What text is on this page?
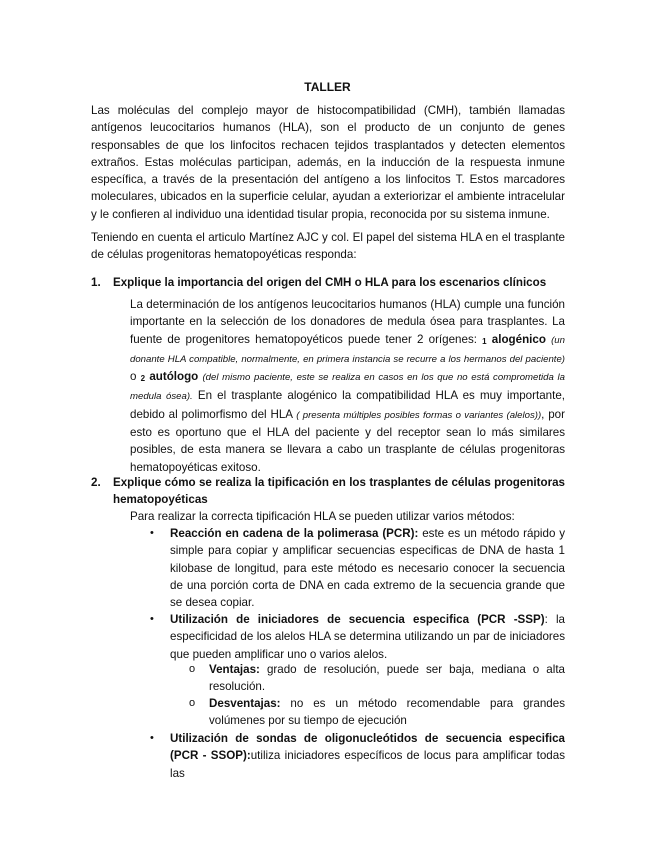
TALLER
Las moléculas del complejo mayor de histocompatibilidad (CMH), también llamadas antígenos leucocitarios humanos (HLA), son el producto de un conjunto de genes responsables de que los linfocitos rechacen tejidos trasplantados y detecten elementos extraños. Estas moléculas participan, además, en la inducción de la respuesta inmune específica, a través de la presentación del antígeno a los linfocitos T. Estos marcadores moleculares, ubicados en la superficie celular, ayudan a exteriorizar el ambiente intracelular y le confieren al individuo una identidad tisular propia, reconocida por su sistema inmune.
Teniendo en cuenta el articulo Martínez AJC y col. El papel del sistema HLA en el trasplante de células progenitoras hematopoyéticas responda:
1. Explique la importancia del origen del CMH o HLA para los escenarios clínicos
La determinación de los antígenos leucocitarios humanos (HLA) cumple una función importante en la selección de los donadores de medula ósea para trasplantes. La fuente de progenitores hematopoyéticos puede tener 2 orígenes: 1 alogénico (un donante HLA compatible, normalmente, en primera instancia se recurre a los hermanos del paciente) o 2 autólogo (del mismo paciente, este se realiza en casos en los que no está comprometida la medula ósea). En el trasplante alogénico la compatibilidad HLA es muy importante, debido al polimorfismo del HLA ( presenta múltiples posibles formas o variantes (alelos)), por esto es oportuno que el HLA del paciente y del receptor sean lo más similares posibles, de esta manera se llevara a cabo un trasplante de células progenitoras hematopoyéticas exitoso.
2. Explique cómo se realiza la tipificación en los trasplantes de células progenitoras hematopoyéticas
Para realizar la correcta tipificación HLA se pueden utilizar varios métodos:
• Reacción en cadena de la polimerasa (PCR): este es un método rápido y simple para copiar y amplificar secuencias especificas de DNA de hasta 1 kilobase de longitud, para este método es necesario conocer la secuencia de una porción corta de DNA en cada extremo de la secuencia grande que se desea copiar.
• Utilización de iniciadores de secuencia especifica (PCR -SSP): la especificidad de los alelos HLA se determina utilizando un par de iniciadores que pueden amplificar uno o varios alelos.
o Ventajas: grado de resolución, puede ser baja, mediana o alta resolución.
o Desventajas: no es un método recomendable para grandes volúmenes por su tiempo de ejecución
• Utilización de sondas de oligonucleótidos de secuencia especifica (PCR - SSOP):utiliza iniciadores específicos de locus para amplificar todas las
